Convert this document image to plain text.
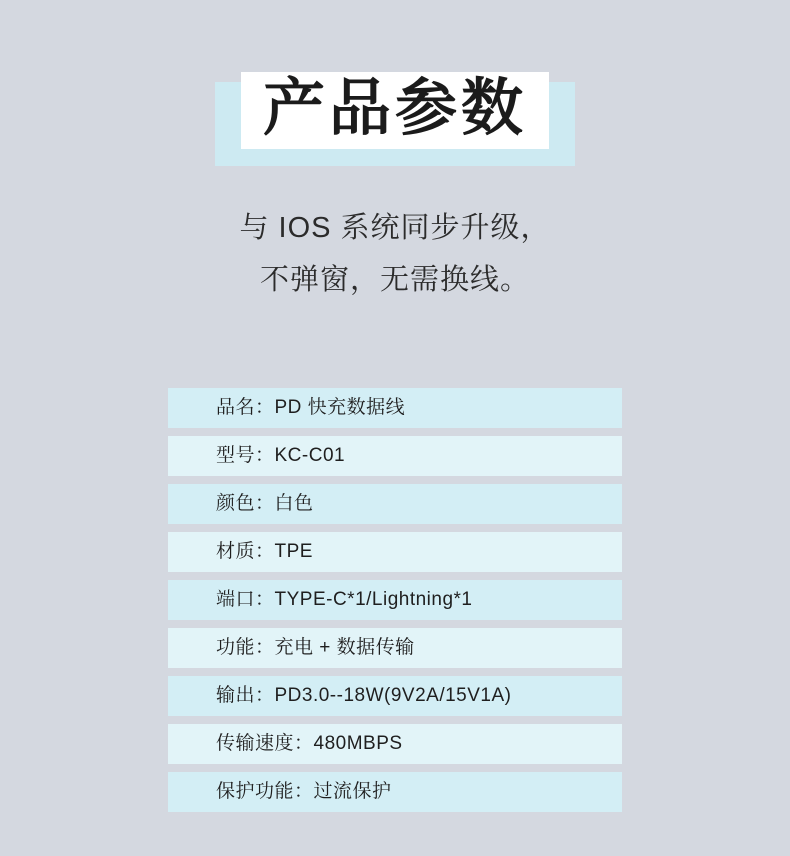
产品参数
与 IOS 系统同步升级，
不弹窗，无需换线。
品名：PD 快充数据线
型号：KC-C01
颜色：白色
材质：TPE
端口：TYPE-C*1/Lightning*1
功能：充电 + 数据传输
输出：PD3.0--18W(9V2A/15V1A)
传输速度：480MBPS
保护功能：过流保护
